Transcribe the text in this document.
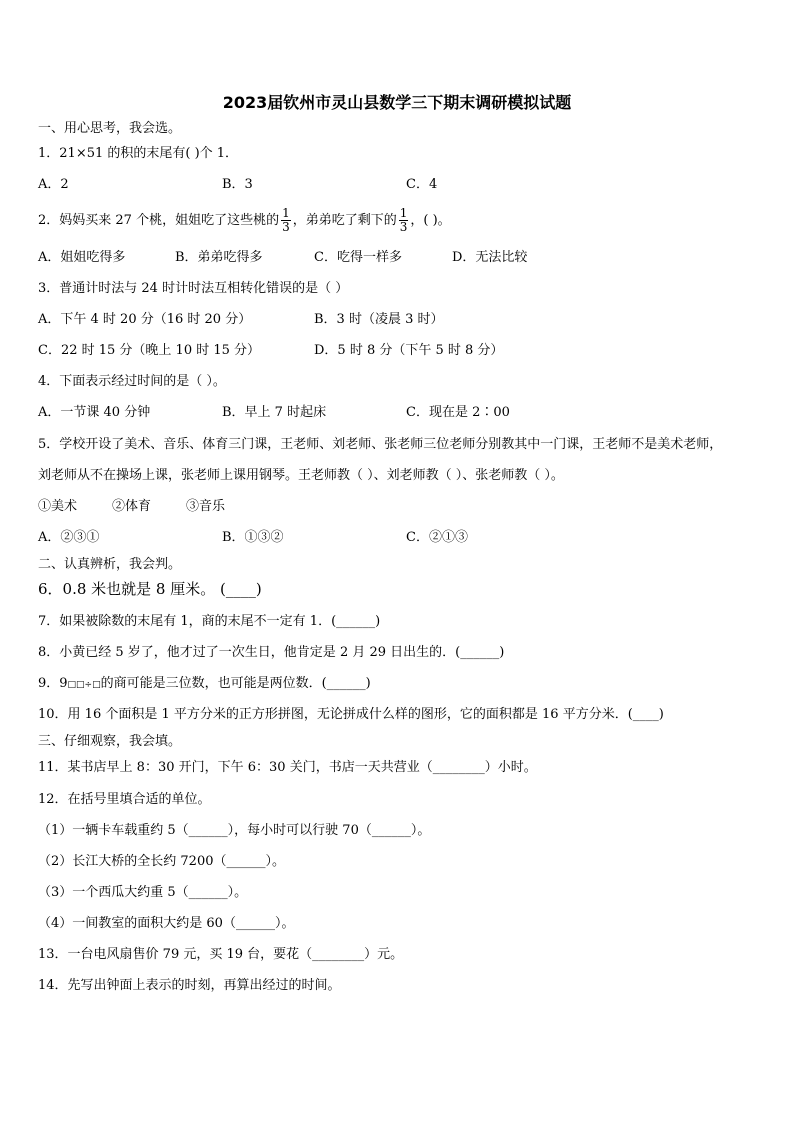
2023届钦州市灵山县数学三下期末调研模拟试题
一、用心思考，我会选。
1．21×51 的积的末尾有( )个 1．
A．2	B．3	C．4
2．妈妈买来 27 个桃，姐姐吃了这些桃的 $\frac{1}{3}$ ，弟弟吃了剩下的 $\frac{1}{3}$ ，( )。
A．姐姐吃得多	B．弟弟吃得多	C．吃得一样多	D．无法比较
3．普通计时法与 24 时计时法互相转化错误的是（ ）
A．下午 4 时 20 分（16 时 20 分）	B．3 时（凌晨 3 时）
C．22 时 15 分（晚上 10 时 15 分）	D．5 时 8 分（下午 5 时 8 分）
4．下面表示经过时间的是（ ）。
A．一节课 40 分钟	B．早上 7 时起床	C．现在是 2∶00
5．学校开设了美术、音乐、体育三门课，王老师、刘老师、张老师三位老师分别教其中一门课，王老师不是美术老师，
刘老师从不在操场上课，张老师上课用钢琴。王老师教（ ）、刘老师教（ ）、张老师教（ ）。
①美术	②体育	③音乐
A．②③①	B．①③②	C．②①③
二、认真辨析，我会判。
6．0.8 米也就是 8 厘米。 (____)
7．如果被除数的末尾有 1，商的末尾不一定有 1．(______)
8．小黄已经 5 岁了，他才过了一次生日，他肯定是 2 月 29 日出生的．(______)
9．9□□÷□的商可能是三位数，也可能是两位数．(______)
10．用 16 个面积是 1 平方分米的正方形拼图，无论拼成什么样的图形，它的面积都是 16 平方分米．(____)
三、仔细观察，我会填。
11．某书店早上 8：30 开门，下午 6：30 关门，书店一天共营业（________）小时。
12．在括号里填合适的单位。
（1）一辆卡车载重约 5（______），每小时可以行驶 70（______）。
（2）长江大桥的全长约 7200（______）。
（3）一个西瓜大约重 5（______）。
（4）一间教室的面积大约是 60（______）。
13．一台电风扇售价 79 元，买 19 台，要花（________）元。
14．先写出钟面上表示的时刻，再算出经过的时间。
